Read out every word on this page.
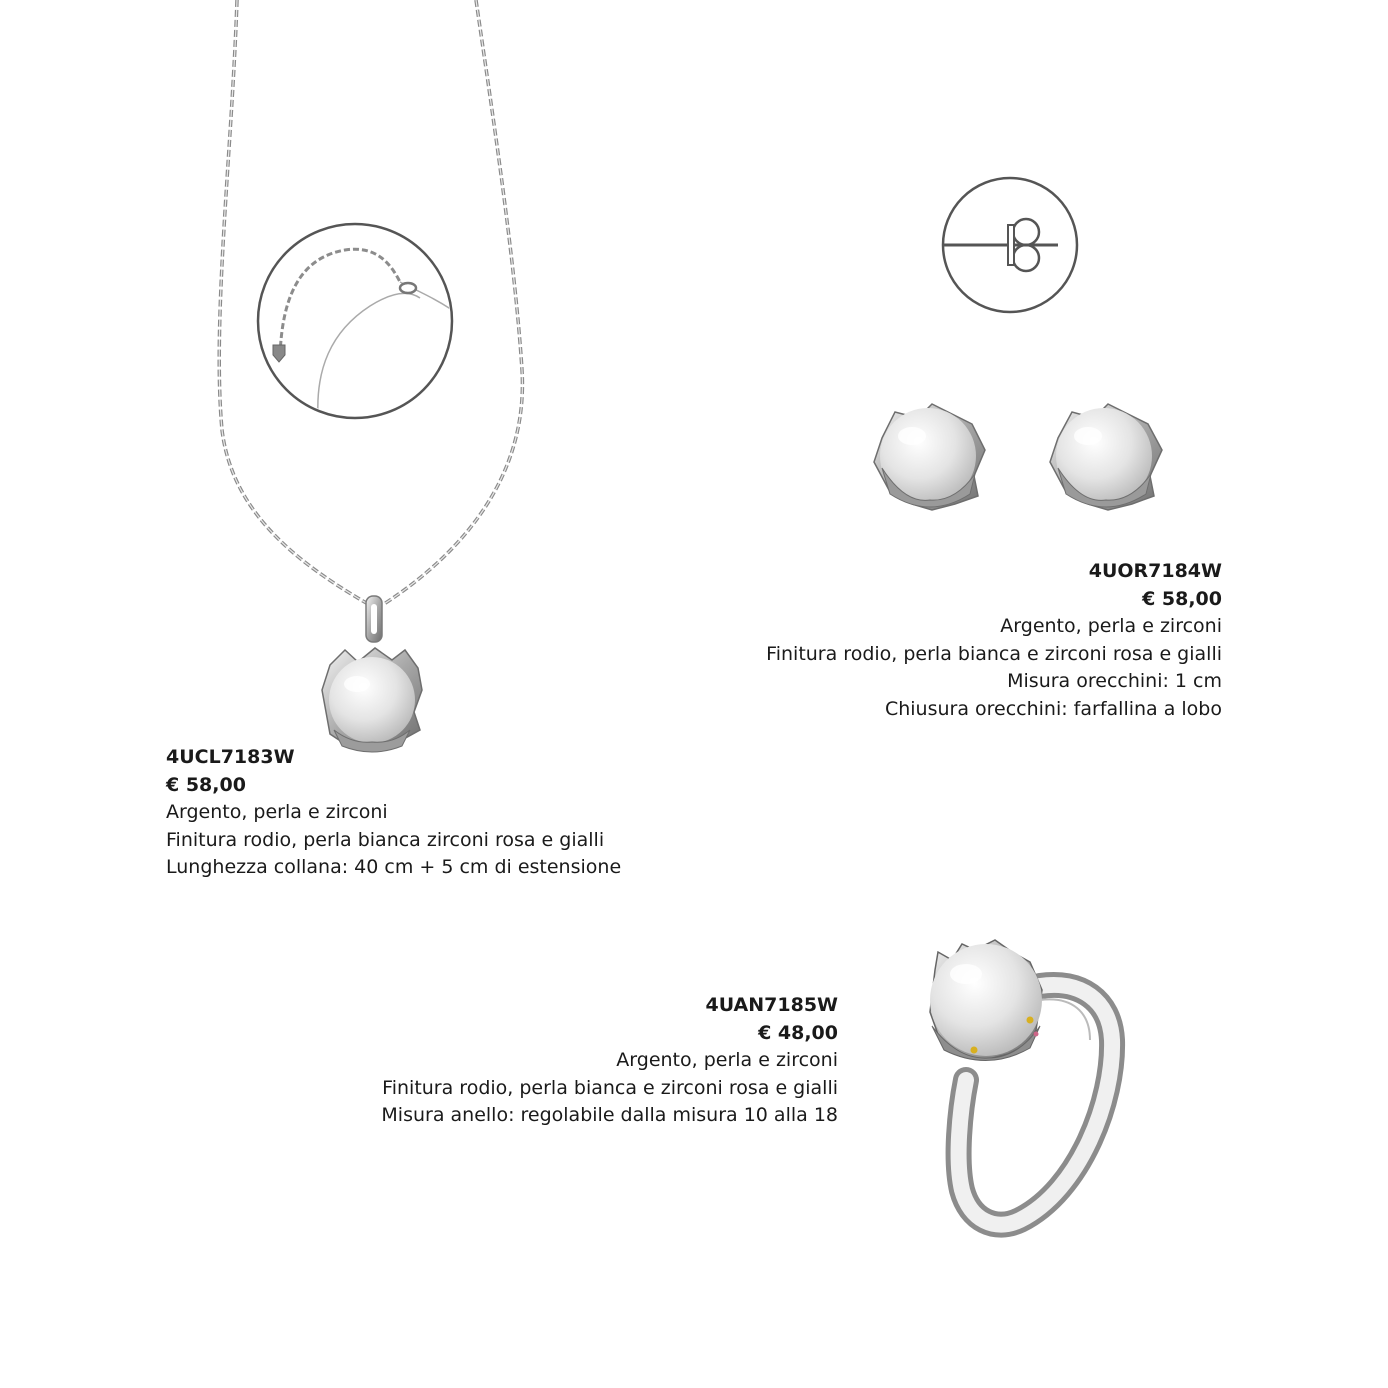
4UCL7183W
€ 58,00
Argento, perla e zirconi
Finitura rodio, perla bianca zirconi rosa e gialli
Lunghezza collana: 40 cm + 5 cm di estensione
4UOR7184W
€ 58,00
Argento, perla e zirconi
Finitura rodio, perla bianca e zirconi rosa e gialli
Misura orecchini: 1 cm
Chiusura orecchini: farfallina a lobo
4UAN7185W
€ 48,00
Argento, perla e zirconi
Finitura rodio, perla bianca e zirconi rosa e gialli
Misura anello: regolabile dalla misura 10 alla 18
